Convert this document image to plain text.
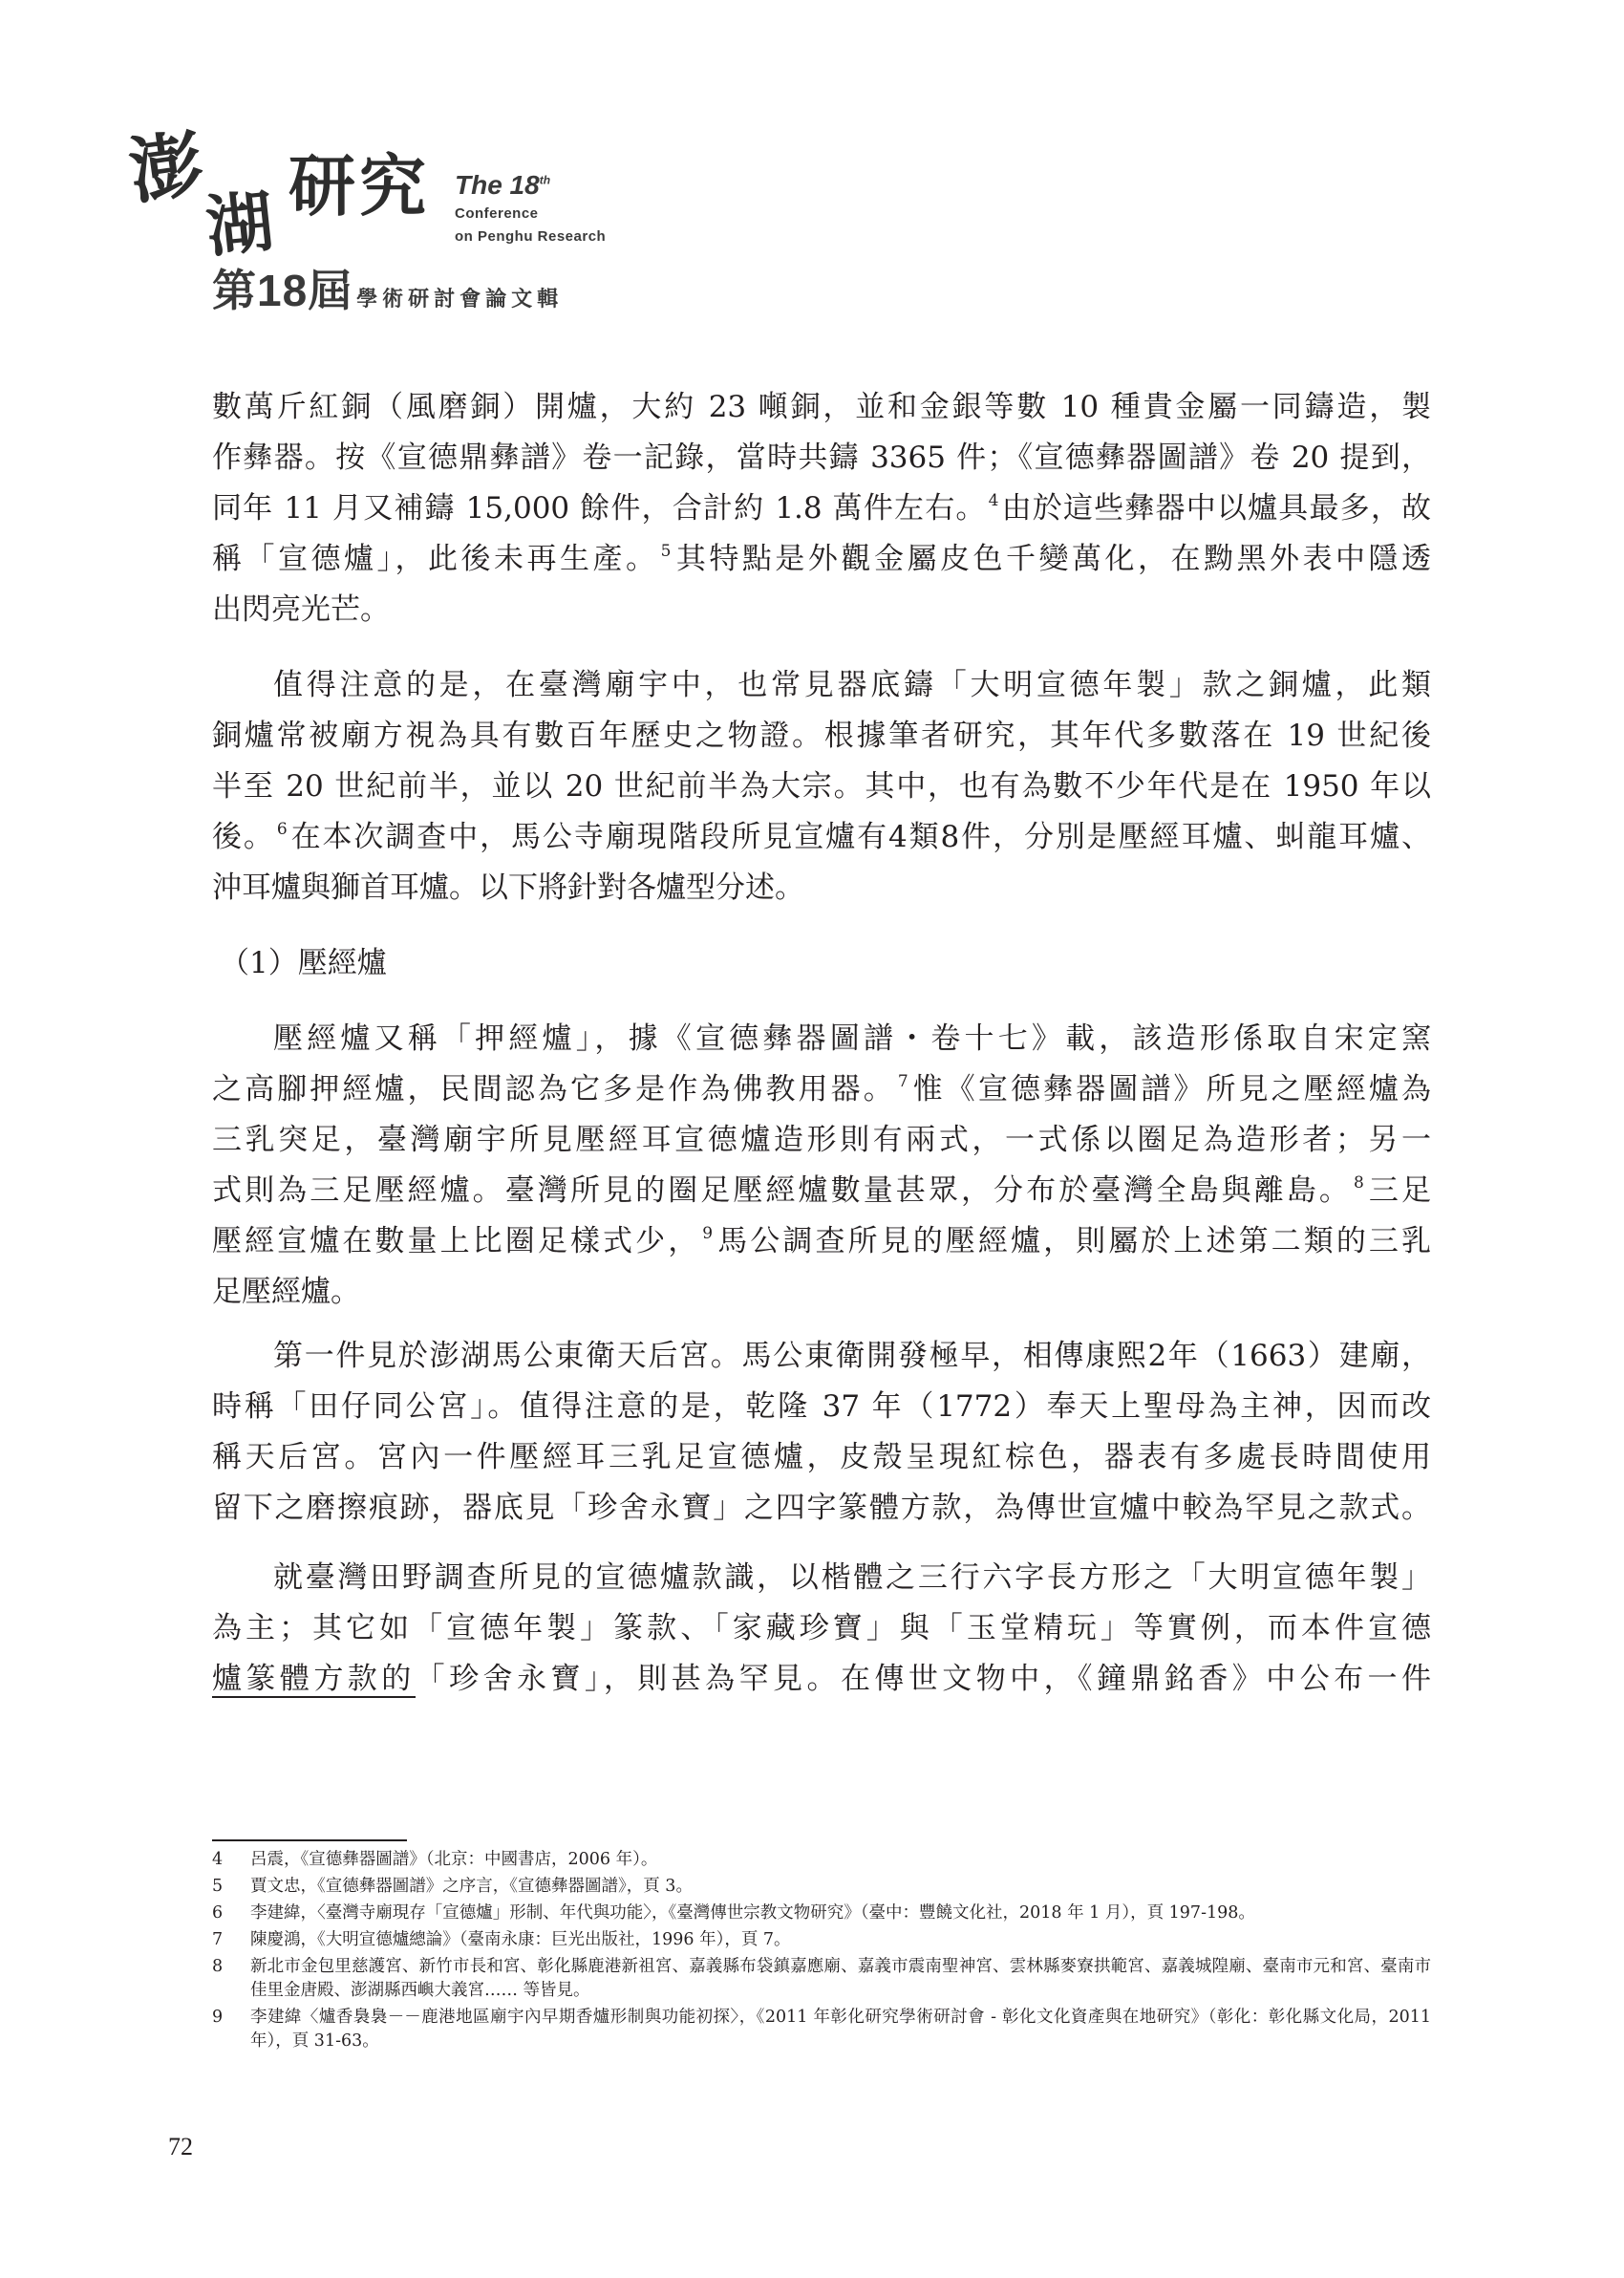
澎
湖 研究 The 18th
Conference
on Penghu Research
第18屆 學術研討會論文輯

數萬斤紅銅（風磨銅）開爐，大約 23 噸銅，並和金銀等數 10 種貴金屬一同鑄造，製
作彝器。按《宣德鼎彝譜》卷一記錄，當時共鑄 3365 件；《宣德彝器圖譜》卷 20 提到，
同年 11 月又補鑄 15,000 餘件，合計約 1.8 萬件左右。 $^4$由於這些彝器中以爐具最多，故
稱「宣德爐」，此後未再生產。 $^5$其特點是外觀金屬皮色千變萬化，在黝黑外表中隱透
出閃亮光芒。

值得注意的是，在臺灣廟宇中，也常見器底鑄「大明宣德年製」款之銅爐，此類
銅爐常被廟方視為具有數百年歷史之物證。根據筆者研究，其年代多數落在 19 世紀後
半至 20 世紀前半，並以 20 世紀前半為大宗。其中，也有為數不少年代是在 1950 年以
後。 $^6$在本次調查中，馬公寺廟現階段所見宣爐有4類8件，分別是壓經耳爐、虯龍耳爐、
沖耳爐與獅首耳爐。以下將針對各爐型分述。

（1）壓經爐

壓經爐又稱「押經爐」，據《宣德彝器圖譜・卷十七》載，該造形係取自宋定窯
之高腳押經爐，民間認為它多是作為佛教用器。 $^7$惟《宣德彝器圖譜》所見之壓經爐為
三乳突足，臺灣廟宇所見壓經耳宣德爐造形則有兩式，一式係以圈足為造形者；另一
式則為三足壓經爐。臺灣所見的圈足壓經爐數量甚眾，分布於臺灣全島與離島。 $^8$三足
壓經宣爐在數量上比圈足樣式少， $^9$馬公調查所見的壓經爐，則屬於上述第二類的三乳
足壓經爐。

第一件見於澎湖馬公東衛天后宮。馬公東衛開發極早，相傳康熙2年（1663）建廟，
時稱「田仔同公宮」。值得注意的是，乾隆 37 年（1772）奉天上聖母為主神，因而改
稱天后宮。宮內一件壓經耳三乳足宣德爐，皮殼呈現紅棕色，器表有多處長時間使用
留下之磨擦痕跡，器底見「珍舍永寶」之四字篆體方款，為傳世宣爐中較為罕見之款式。

就臺灣田野調查所見的宣德爐款識，以楷體之三行六字長方形之「大明宣德年製」
為主；其它如「宣德年製」篆款、「家藏珍寶」與「玉堂精玩」等實例，而本件宣德
爐篆體方款的「珍舍永寶」，則甚為罕見。在傳世文物中，《鐘鼎銘香》中公布一件

4	呂震，《宣德彝器圖譜》（北京：中國書店，2006 年）。
5	賈文忠，《宣德彝器圖譜》之序言，《宣德彝器圖譜》，頁 3。
6	李建緯，〈臺灣寺廟現存「宣德爐」形制、年代與功能〉，《臺灣傳世宗教文物研究》（臺中：豐饒文化社，2018 年 1 月），頁 197-198。
7	陳慶鴻，《大明宣德爐總論》（臺南永康：巨光出版社，1996 年），頁 7。
8	新北市金包里慈護宮、新竹市長和宮、彰化縣鹿港新祖宮、嘉義縣布袋鎮嘉應廟、嘉義市震南聖神宮、雲林縣麥寮拱範宮、嘉義城隍廟、臺南市元和宮、臺南市佳里金唐殿、澎湖縣西嶼大義宮…… 等皆見。
9	李建緯〈爐香裊裊－－鹿港地區廟宇內早期香爐形制與功能初探〉，《2011 年彰化研究學術研討會 - 彰化文化資產與在地研究》（彰化：彰化縣文化局，2011 年），頁 31-63。
72
